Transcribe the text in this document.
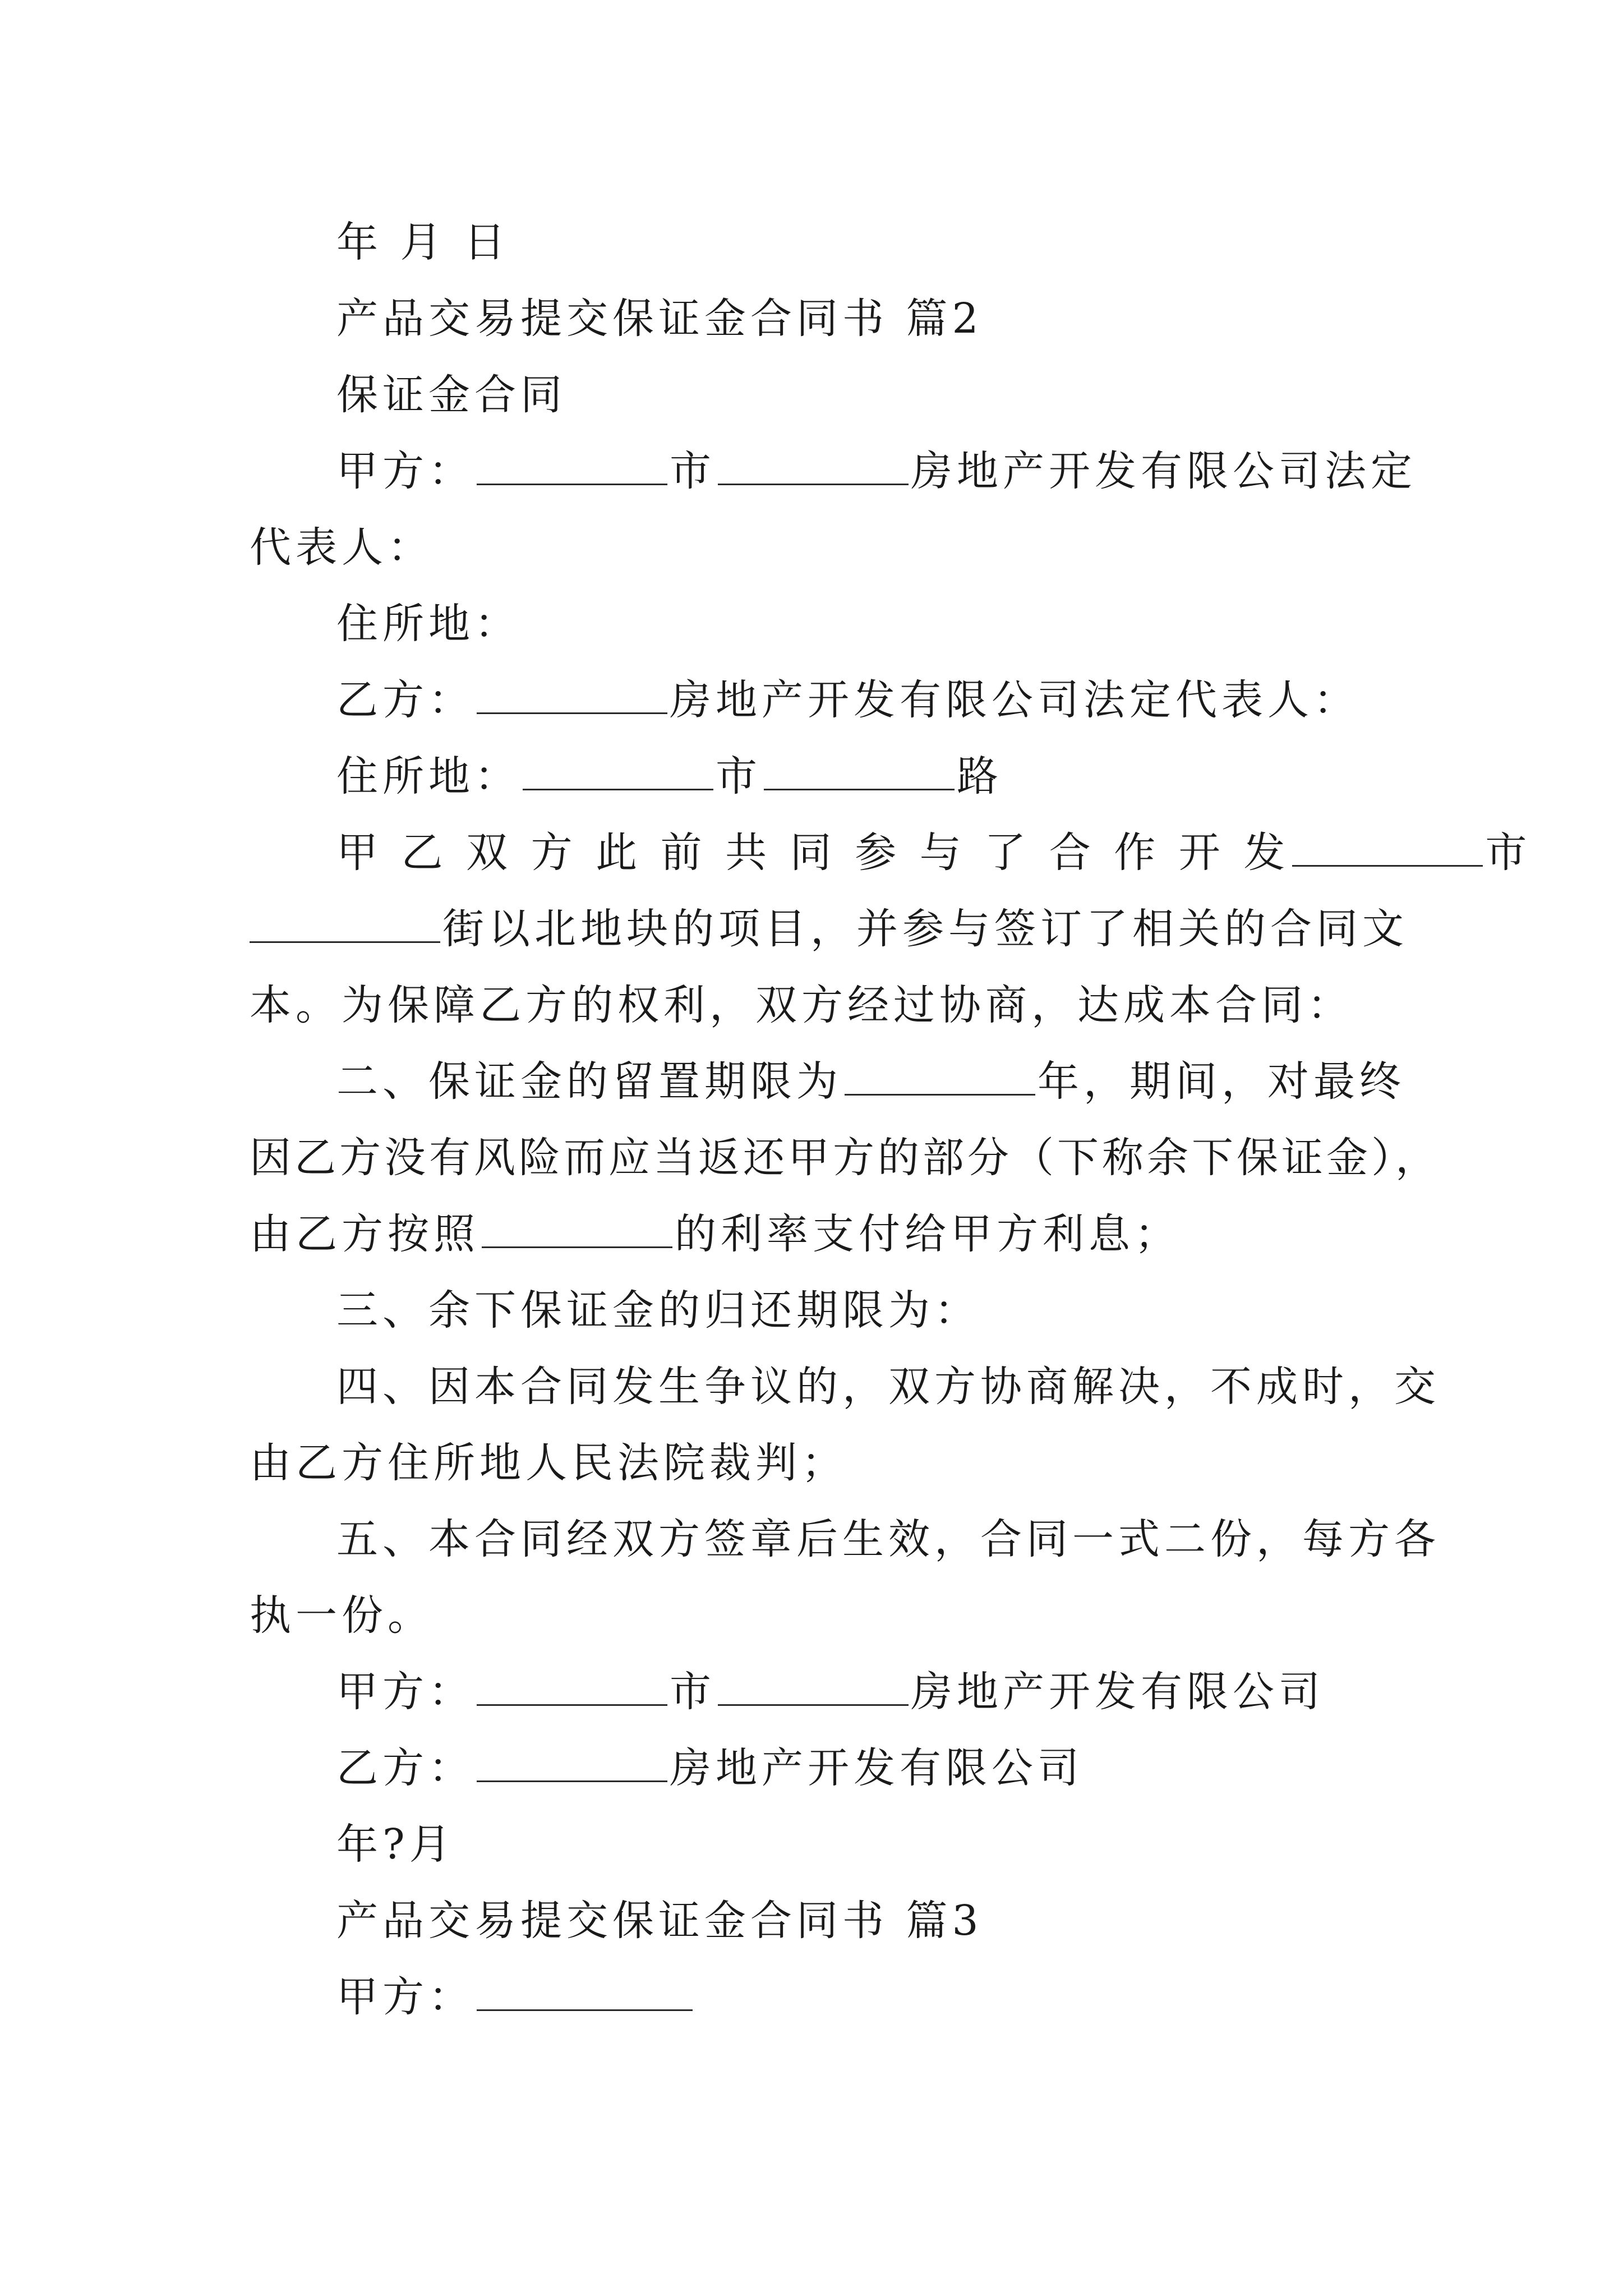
年 月 日
产品交易提交保证金合同书 篇2
保证金合同
甲方：	市	房地产开发有限公司法定
代表人：
住所地：
乙方：	房地产开发有限公司法定代表人：
住所地：	市	路
甲 乙 双 方 此 前 共 同 参 与 了 合 作 开 发	市
街以北地块的项目，并参与签订了相关的合同文
本。为保障乙方的权利，双方经过协商，达成本合同：
二、保证金的留置期限为	年，期间，对最终
因乙方没有风险而应当返还甲方的部分（下称余下保证金），
由乙方按照	的利率支付给甲方利息；
三、余下保证金的归还期限为：
四、因本合同发生争议的，双方协商解决，不成时，交
由乙方住所地人民法院裁判；
五、本合同经双方签章后生效，合同一式二份，每方各
执一份。
甲方：	市	房地产开发有限公司
乙方：	房地产开发有限公司
年?月
产品交易提交保证金合同书 篇3
甲方：
